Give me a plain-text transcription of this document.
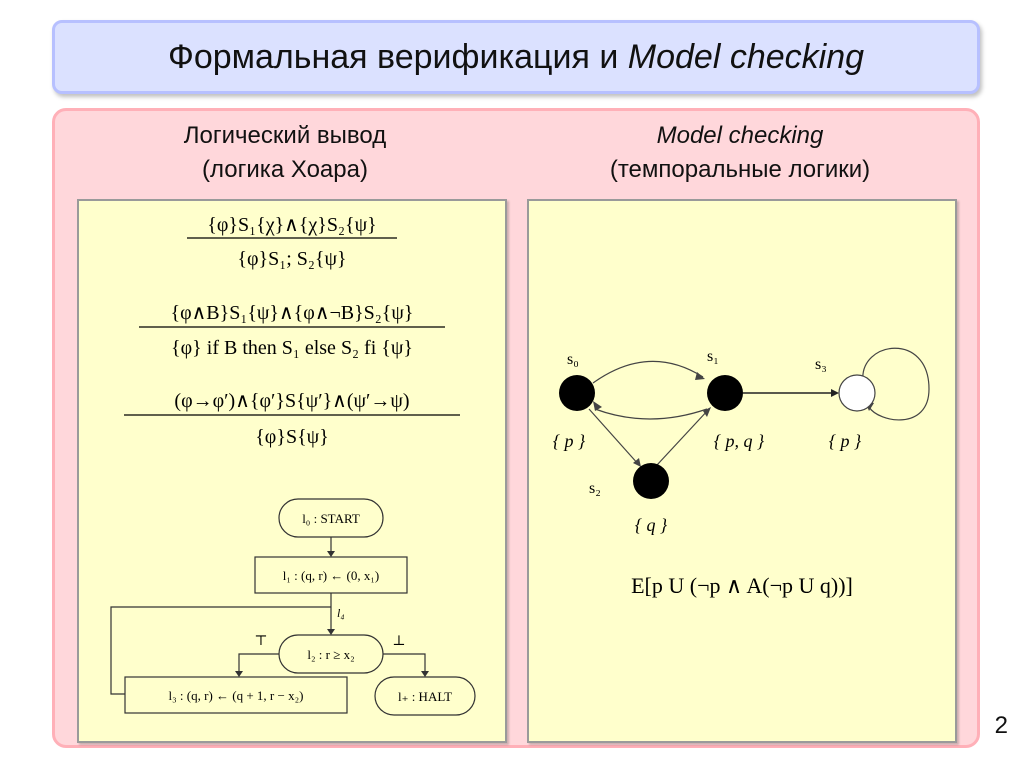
Формальная верификация и Model checking
Логический вывод
(логика Хоара)
Model checking
(темпоральные логики)
{φ}S₁{χ}∧{χ}S₂{ψ}
{φ}S₁; S₂{ψ}
{φ∧B}S₁{ψ}∧{φ∧¬B}S₂{ψ}
{φ} if B then S₁ else S₂ fi {ψ}
(φ→φ′)∧{φ′}S{ψ′}∧(ψ′→ψ)
{φ}S{ψ}
l₀ : START
l₁ : (q, r) ← (0, x₁)
l₄
l₂ : r ≥ x₂
⊤	⊥
l₃ : (q, r) ← (q + 1, r − x₂)	l₊ : HALT
s₀	s₁	s₃
s₂
{ p }	{ p, q }
{ q }
{ p }
E[p U (¬p ∧ A(¬p U q))]
2
